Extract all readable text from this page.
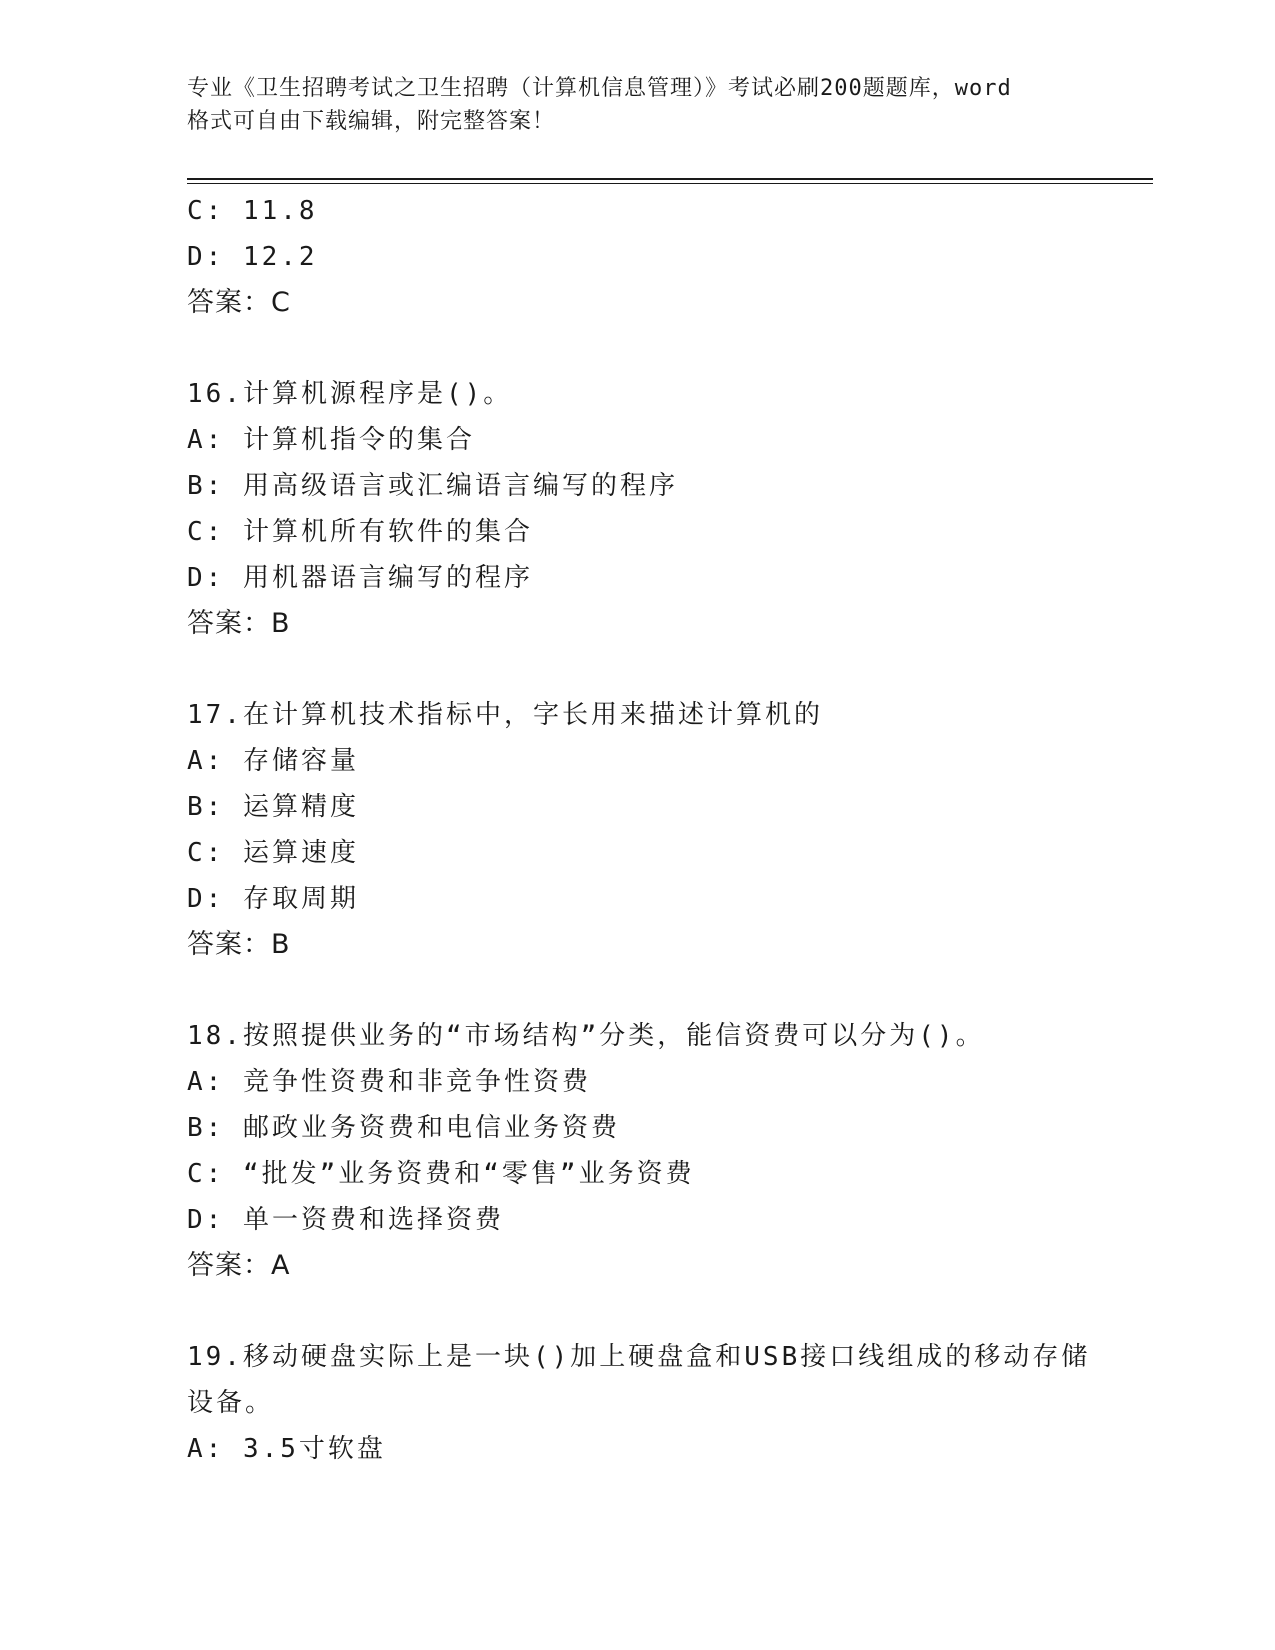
专业《卫生招聘考试之卫生招聘（计算机信息管理）》考试必刷200题题库，word
格式可自由下载编辑，附完整答案！
C: 11.8
D: 12.2
答案：C
16.计算机源程序是()。
A: 计算机指令的集合
B: 用高级语言或汇编语言编写的程序
C: 计算机所有软件的集合
D: 用机器语言编写的程序
答案：B
17.在计算机技术指标中，字长用来描述计算机的
A: 存储容量
B: 运算精度
C: 运算速度
D: 存取周期
答案：B
18.按照提供业务的“市场结构”分类，能信资费可以分为()。
A: 竞争性资费和非竞争性资费
B: 邮政业务资费和电信业务资费
C: “批发”业务资费和“零售”业务资费
D: 单一资费和选择资费
答案：A
19.移动硬盘实际上是一块()加上硬盘盒和USB接口线组成的移动存储
设备。
A: 3.5寸软盘
